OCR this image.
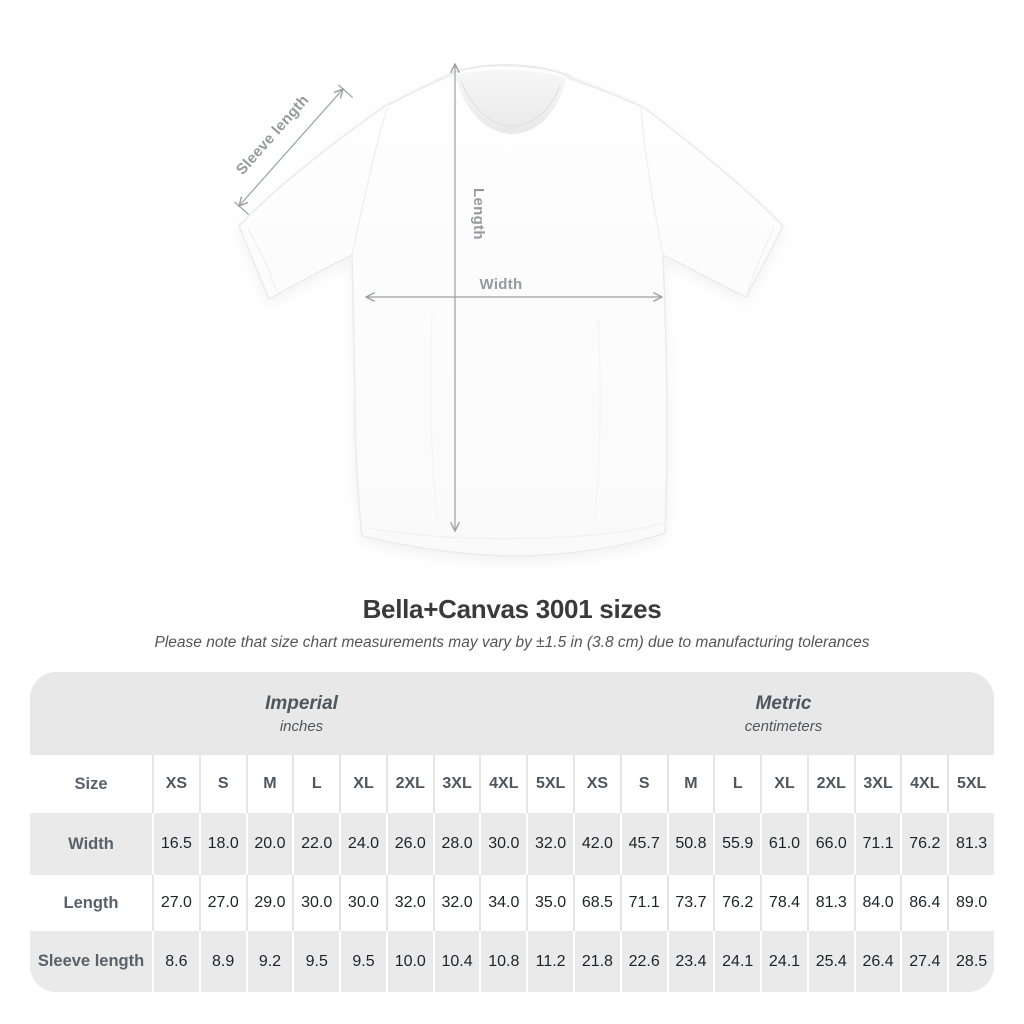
Sleeve length
Length
Width
Bella+Canvas 3001 sizes

Please note that size chart measurements may vary by ±1.5 in (3.8 cm) due to manufacturing tolerances

Imperial
inches
Metric
centimeters
Size	XS	S	M	L	XL	2XL	3XL	4XL	5XL	XS	S	M	L	XL	2XL	3XL	4XL	5XL
Width	16.5 18.0 20.0 22.0 24.0 26.0 28.0 30.0 32.0 42.0 45.7 50.8 55.9 61.0 66.0 71.1 76.2 81.3
Length	27.0 27.0 29.0 30.0 30.0 32.0 32.0 34.0 35.0 68.5 71.1 73.7 76.2 78.4 81.3 84.0 86.4 89.0
Sleeve length	8.6	8.9	9.2	9.5	9.5	10.0 10.4 10.8	11.2	21.8 22.6 23.4 24.1 24.1 25.4 26.4 27.4 28.5
